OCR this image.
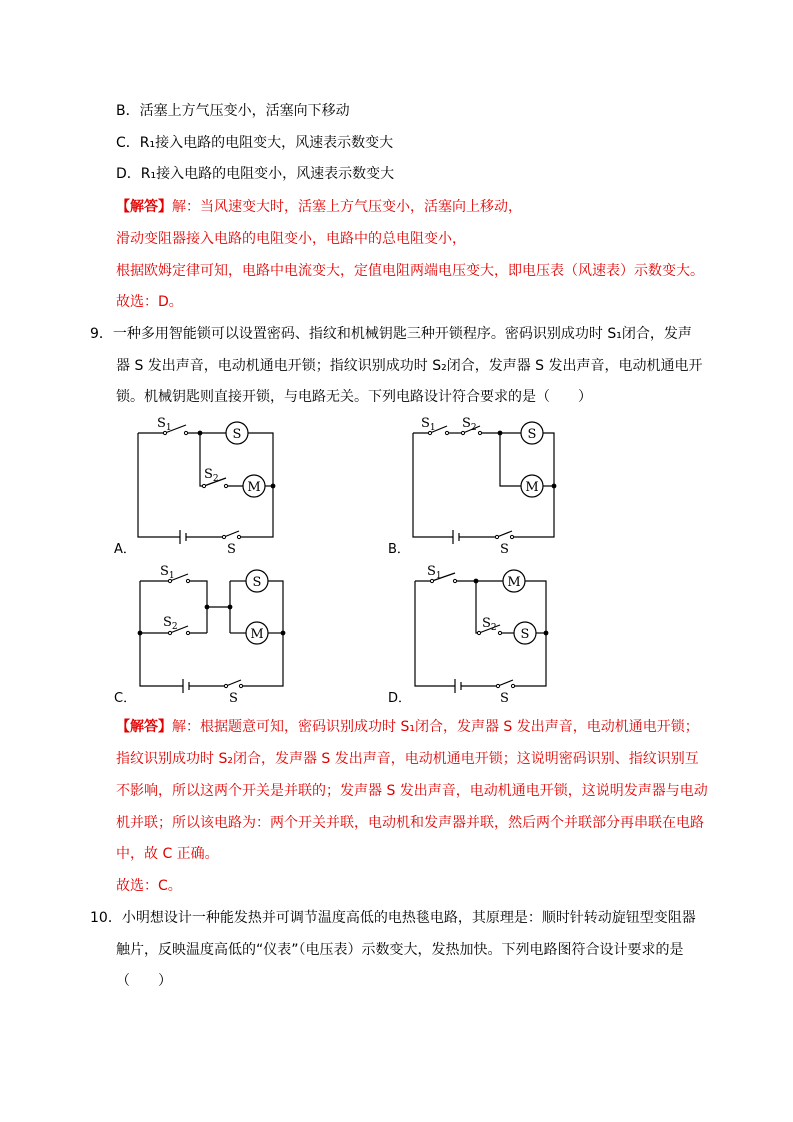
B．活塞上方气压变小，活塞向下移动
C．R₁接入电路的电阻变大，风速表示数变大
D．R₁接入电路的电阻变小，风速表示数变大
【解答】解：当风速变大时，活塞上方气压变小，活塞向上移动，
滑动变阻器接入电路的电阻变小，电路中的总电阻变小，
根据欧姆定律可知，电路中电流变大，定值电阻两端电压变大，即电压表（风速表）示数变大。
故选：D。
9．一种多用智能锁可以设置密码、指纹和机械钥匙三种开锁程序。密码识别成功时 S₁闭合，发声
器 S 发出声音，电动机通电开锁；指纹识别成功时 S₂闭合，发声器 S 发出声音，电动机通电开
锁。机械钥匙则直接开锁，与电路无关。下列电路设计符合要求的是（　　）
S
M
S
M
S
M
M
S
$S_1$
$S_2$
S
$S_1$ $S_2$
S
$S_1$
$S_2$
S
$S_1$
$S_2$
S
A．	B．
C．	D．
【解答】解：根据题意可知，密码识别成功时 S₁闭合，发声器 S 发出声音，电动机通电开锁；
指纹识别成功时 S₂闭合，发声器 S 发出声音，电动机通电开锁；这说明密码识别、指纹识别互
不影响，所以这两个开关是并联的；发声器 S 发出声音，电动机通电开锁，这说明发声器与电动
机并联；所以该电路为：两个开关并联，电动机和发声器并联，然后两个并联部分再串联在电路
中，故 C 正确。
故选：C。
10．小明想设计一种能发热并可调节温度高低的电热毯电路，其原理是：顺时针转动旋钮型变阻器
触片，反映温度高低的“仪表”（电压表）示数变大，发热加快。下列电路图符合设计要求的是
（　　）
